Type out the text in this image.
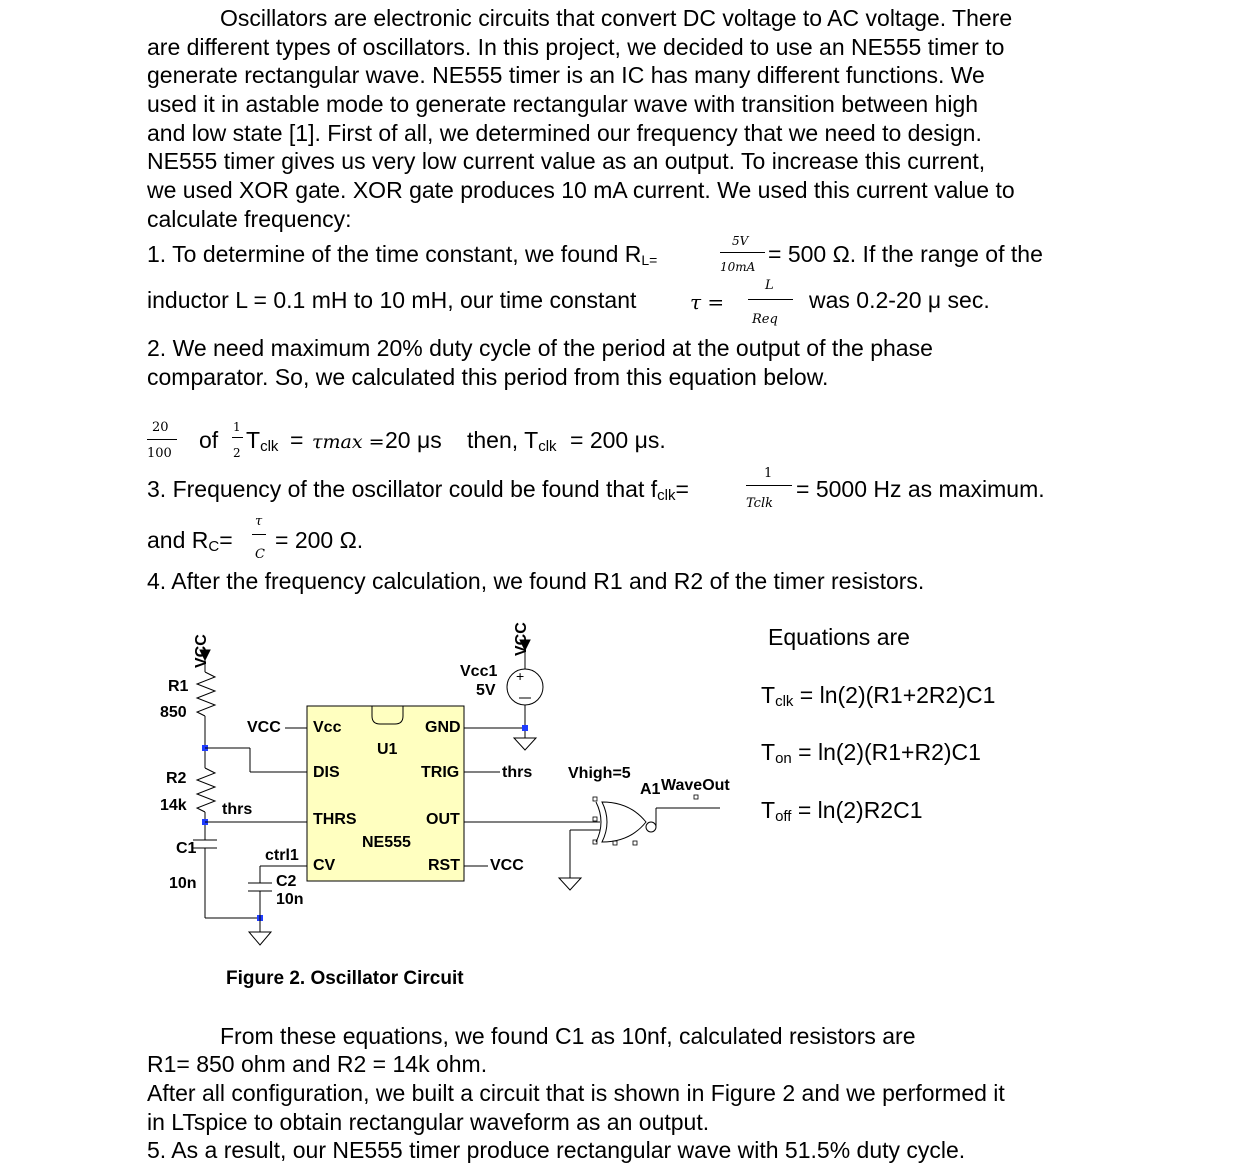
Oscillators are electronic circuits that convert DC voltage to AC voltage. There
are different types of oscillators. In this project, we decided to use an NE555 timer to
generate rectangular wave. NE555 timer is an IC has many different functions. We
used it in astable mode to generate rectangular wave with transition between high
and low state [1]. First of all, we determined our frequency that we need to design.
NE555 timer gives us very low current value as an output. To increase this current,
we used XOR gate. XOR gate produces 10 mA current. We used this current value to
calculate frequency:
1. To determine of the time constant, we found $R_{L=}$
5V
10mA = 500 Ω. If the range of the
inductor L = 0.1 mH to 10 mH, our time constant	τ =
L
Req
was 0.2-20 μ sec.
2. We need maximum 20% duty cycle of the period at the output of the phase
comparator. So, we calculated this period from this equation below.
20
100
of 1
2 $T_{clk} = \tau\max = 20$ μs then, $T_{clk} = 200$ μs.
3. Frequency of the oscillator could be found that $f_{clk}=$
1
Tclk
= 5000 Hz as maximum.
and $R_C=$
τ
C
= 200 Ω.
4. After the frequency calculation, we found R1 and R2 of the timer resistors.
+
VCC	VCC
R1
850
R2
14k
C1
10n
VCC
thrs
ctrl1
C2
10n
Vcc	GND
U1
DIS	TRIG
THRS	OUT
NE555
CV	RST
Vcc1
5V
thrs
VCC
Vhigh=5
A1 WaveOut
Figure 2. Oscillator Circuit
Equations are
$T_{clk} = \ln(2)(R1+2R2)C1$
$T_{on} = \ln(2)(R1+R2)C1$
$T_{off} = \ln(2)R2C1$
From these equations, we found C1 as 10nf, calculated resistors are
R1= 850 ohm and R2 = 14k ohm.
After all configuration, we built a circuit that is shown in Figure 2 and we performed it
in LTspice to obtain rectangular waveform as an output.
5. As a result, our NE555 timer produce rectangular wave with 51.5% duty cycle.
